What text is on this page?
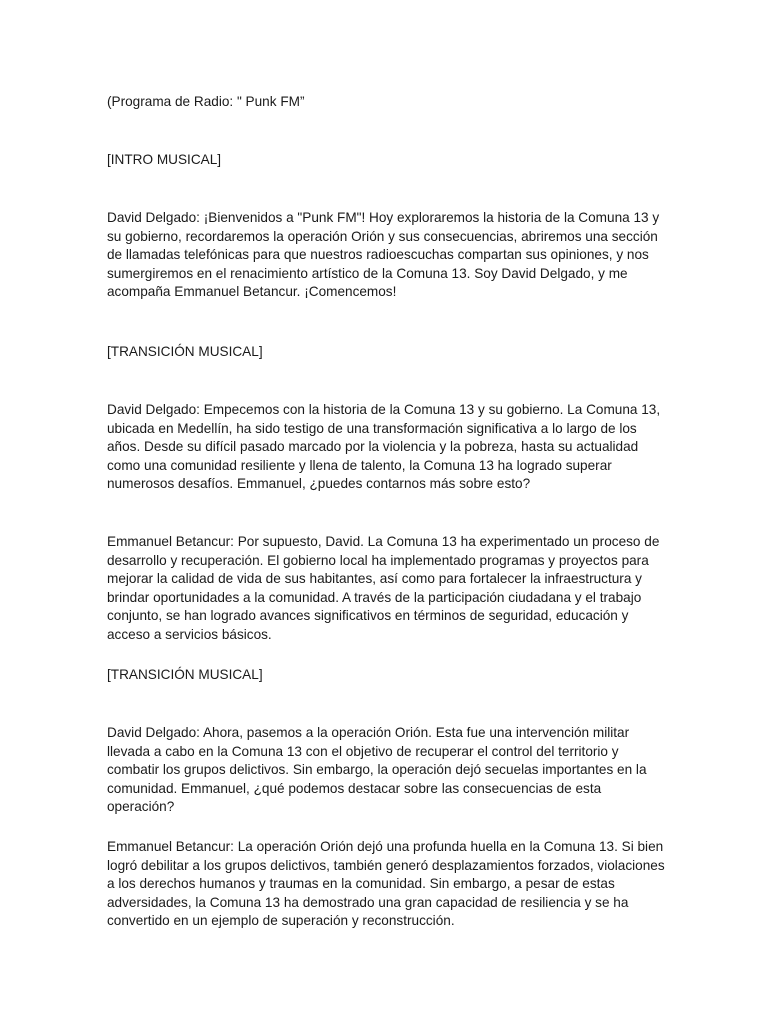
(Programa de Radio: " Punk FM”

[INTRO MUSICAL]

David Delgado: ¡Bienvenidos a "Punk FM"! Hoy exploraremos la historia de la Comuna 13 y su gobierno, recordaremos la operación Orión y sus consecuencias, abriremos una sección de llamadas telefónicas para que nuestros radioescuchas compartan sus opiniones, y nos sumergiremos en el renacimiento artístico de la Comuna 13. Soy David Delgado, y me acompaña Emmanuel Betancur. ¡Comencemos!

[TRANSICIÓN MUSICAL]

David Delgado: Empecemos con la historia de la Comuna 13 y su gobierno. La Comuna 13, ubicada en Medellín, ha sido testigo de una transformación significativa a lo largo de los años. Desde su difícil pasado marcado por la violencia y la pobreza, hasta su actualidad como una comunidad resiliente y llena de talento, la Comuna 13 ha logrado superar numerosos desafíos. Emmanuel, ¿puedes contarnos más sobre esto?

Emmanuel Betancur: Por supuesto, David. La Comuna 13 ha experimentado un proceso de desarrollo y recuperación. El gobierno local ha implementado programas y proyectos para mejorar la calidad de vida de sus habitantes, así como para fortalecer la infraestructura y brindar oportunidades a la comunidad. A través de la participación ciudadana y el trabajo conjunto, se han logrado avances significativos en términos de seguridad, educación y acceso a servicios básicos.

[TRANSICIÓN MUSICAL]

David Delgado: Ahora, pasemos a la operación Orión. Esta fue una intervención militar llevada a cabo en la Comuna 13 con el objetivo de recuperar el control del territorio y combatir los grupos delictivos. Sin embargo, la operación dejó secuelas importantes en la comunidad. Emmanuel, ¿qué podemos destacar sobre las consecuencias de esta operación?

Emmanuel Betancur: La operación Orión dejó una profunda huella en la Comuna 13. Si bien logró debilitar a los grupos delictivos, también generó desplazamientos forzados, violaciones a los derechos humanos y traumas en la comunidad. Sin embargo, a pesar de estas adversidades, la Comuna 13 ha demostrado una gran capacidad de resiliencia y se ha convertido en un ejemplo de superación y reconstrucción.
